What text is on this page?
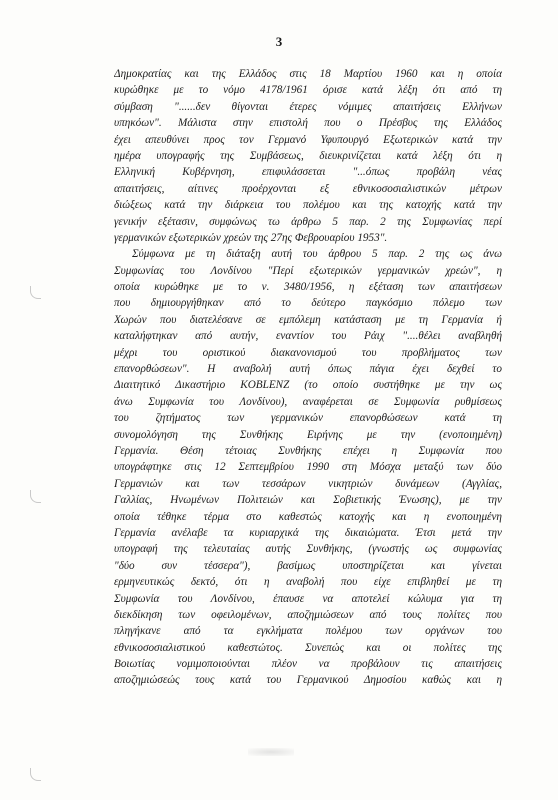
3
Δημοκρατίας και της Ελλάδος στις 18 Μαρτίου 1960 και η οποία
κυρώθηκε με το νόμο 4178/1961 όρισε κατά λέξη ότι από τη
σύμβαση "......δεν θίγονται έτερες νόμιμες απαιτήσεις Ελλήνων
υπηκόων". Μάλιστα στην επιστολή που ο Πρέσβυς της Ελλάδος
έχει απευθύνει προς τον Γερμανό Υφυπουργό Εξωτερικών κατά την
ημέρα υπογραφής της Συμβάσεως, διευκρινίζεται κατά λέξη ότι η
Ελληνική Κυβέρνηση, επιφυλάσσεται "...όπως προβάλη νέας
απαιτήσεις, αίτινες προέρχονται εξ εθνικοσοσιαλιστικών μέτρων
διώξεως κατά την διάρκεια του πολέμου και της κατοχής κατά την
γενικήν εξέτασιν, συμφώνως τω άρθρω 5 παρ. 2 της Συμφωνίας περί
γερμανικών εξωτερικών χρεών της 27ης Φεβρουαρίου 1953".
Σύμφωνα με τη διάταξη αυτή του άρθρου 5 παρ. 2 της ως άνω
Συμφωνίας του Λονδίνου "Περί εξωτερικών γερμανικών χρεών", η
οποία κυρώθηκε με το ν. 3480/1956, η εξέταση των απαιτήσεων
που δημιουργήθηκαν από το δεύτερο παγκόσμιο πόλεμο των
Χωρών που διατελέσανε σε εμπόλεμη κατάσταση με τη Γερμανία ή
καταλήφτηκαν από αυτήν, εναντίον του Ράιχ "....θέλει αναβληθή
μέχρι του οριστικού διακανονισμού του προβλήματος των
επανορθώσεων". Η αναβολή αυτή όπως πάγια έχει δεχθεί το
Διαιτητικό Δικαστήριο KOBLENZ (το οποίο συστήθηκε με την ως
άνω Συμφωνία του Λονδίνου), αναφέρεται σε Συμφωνία ρυθμίσεως
του ζητήματος των γερμανικών επανορθώσεων κατά τη
συνομολόγηση της Συνθήκης Ειρήνης με την (ενοποιημένη)
Γερμανία. Θέση τέτοιας Συνθήκης επέχει η Συμφωνία που
υπογράφτηκε στις 12 Σεπτεμβρίου 1990 στη Μόσχα μεταξύ των δύο
Γερμανιών και των τεσσάρων νικητριών δυνάμεων (Αγγλίας,
Γαλλίας, Ηνωμένων Πολιτειών και Σοβιετικής Ένωσης), με την
οποία τέθηκε τέρμα στο καθεστώς κατοχής και η ενοποιημένη
Γερμανία ανέλαβε τα κυριαρχικά της δικαιώματα. Έτσι μετά την
υπογραφή της τελευταίας αυτής Συνθήκης, (γνωστής ως συμφωνίας
"δύο συν τέσσερα"), βασίμως υποστηρίζεται και γίνεται
ερμηνευτικώς δεκτό, ότι η αναβολή που είχε επιβληθεί με τη
Συμφωνία του Λονδίνου, έπαυσε να αποτελεί κώλυμα για τη
διεκδίκηση των οφειλομένων, αποζημιώσεων από τους πολίτες που
πληγήκανε από τα εγκλήματα πολέμου των οργάνων του
εθνικοσοσιαλιστικού καθεστώτος. Συνεπώς και οι πολίτες της
Βοιωτίας νομιμοποιούνται πλέον να προβάλουν τις απαιτήσεις
αποζημιώσεώς τους κατά του Γερμανικού Δημοσίου καθώς και η
